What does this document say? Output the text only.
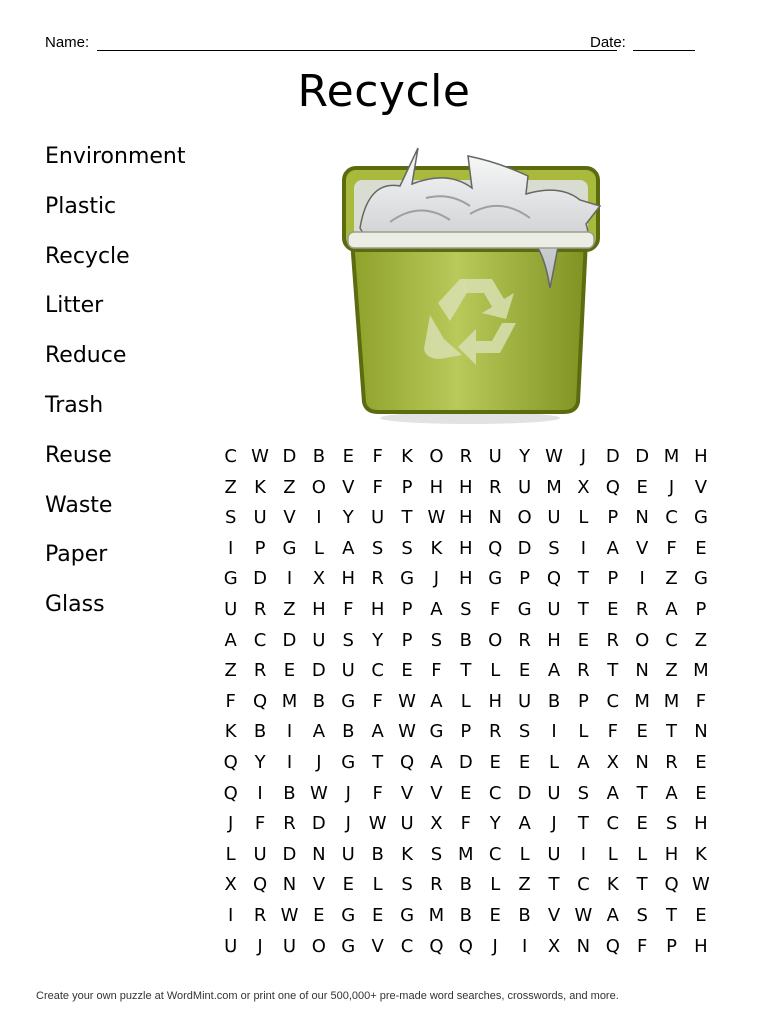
Name:	Date:
Recycle
Environment
Plastic
Recycle
Litter
Reduce
Trash
Reuse
Waste
Paper
Glass
C W D B E	F	K O R U Y W J	D D M H
Z K Z O V	F	P H H R U M X Q E	J	V
S U V	I	Y U T W H N O U L	P N C G
I	P G L	A S S K H Q D S	I	A V	F	E
G D	I	X H R G	J	H G P Q T	P	I	Z G
U R Z H F H P A S	F G U T	E R A P
A C D U S	Y	P	S B O R H E R O C Z
Z R E D U C E	F	T	L	E A R T N Z M
F Q M B G F W A	L H U B P C M M F
K B	I	A B A W G P R S	I	L	F	E	T N
Q Y	I	J	G T Q A D E	E	L	A X N R E
Q	I	B W J	F	V V E C D U S A T A E
J	F R D	J W U X	F	Y A	J	T C E S H
L U D N U B K S M C	L U	I	L	L H K
X Q N V E	L	S R B	L	Z T C K T Q W
I	R W E G E G M B E B V W A S	T	E
U	J	U O G V C Q Q	J	I	X N Q F	P H
Create your own puzzle at WordMint.com or print one of our 500,000+ pre-made word searches, crosswords, and more.
